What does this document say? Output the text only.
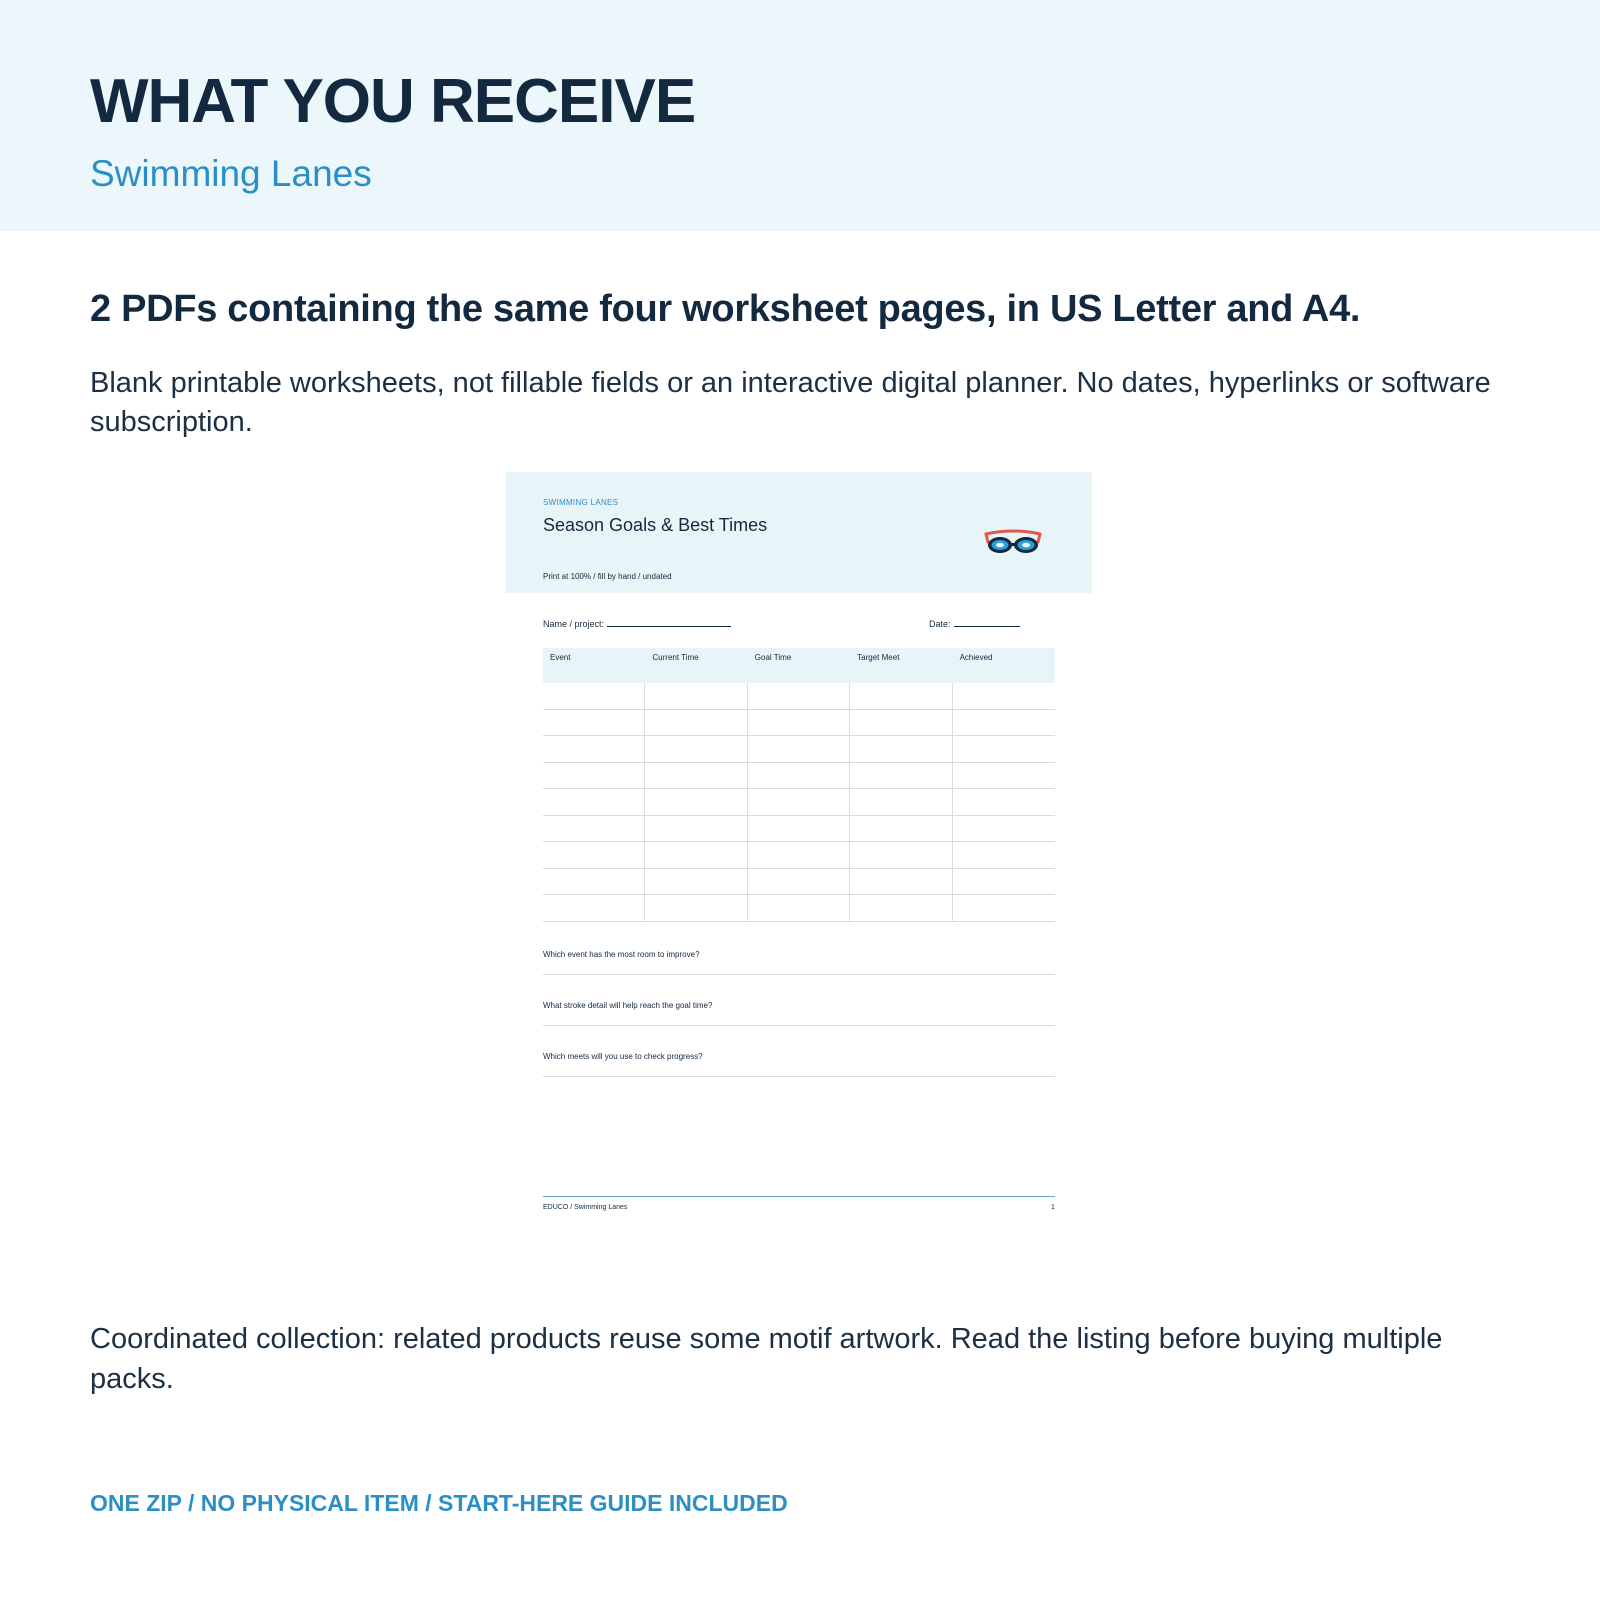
WHAT YOU RECEIVE
Swimming Lanes
2 PDFs containing the same four worksheet pages, in US Letter and A4.

Blank printable worksheets, not fillable fields or an interactive digital planner. No dates, hyperlinks or software subscription.

SWIMMING LANES
Season Goals & Best Times
Print at 100% / fill by hand / undated
Name / project:	Date:
Event	Current Time	Goal Time	Target Meet	Achieved
Which event has the most room to improve?
What stroke detail will help reach the goal time?
Which meets will you use to check progress?
EDUCO / Swimming Lanes	1

Coordinated collection: related products reuse some motif artwork. Read the listing before buying multiple packs.

ONE ZIP / NO PHYSICAL ITEM / START-HERE GUIDE INCLUDED
